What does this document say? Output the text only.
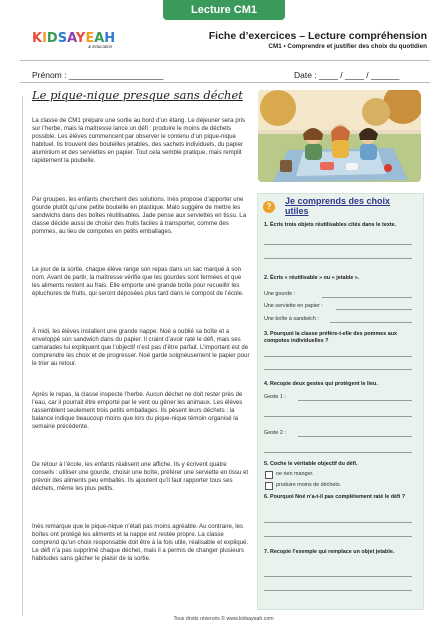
Lecture CM1
KIDSAYEAH
& Education
Fiche d’exercices – Lecture compréhension
CM1 • Comprendre et justifier des choix du quotidien
Prénom : ____________________	Date : ____ / ____ / ______
Le pique-nique presque sans déchet
La classe de CM1 prépare une sortie au bord d’un étang. Le déjeuner sera pris sur l’herbe, mais la maîtresse lance un défi : produire le moins de déchets possible. Les élèves commencent par observer le contenu d’un pique-nique habituel. Ils trouvent des bouteilles jetables, des sachets individuels, du papier aluminium et des serviettes en papier. Tout cela semble pratique, mais remplit rapidement la poubelle.
Par groupes, les enfants cherchent des solutions. Inès propose d’apporter une gourde plutôt qu’une petite bouteille en plastique. Malo suggère de mettre les sandwichs dans des boîtes réutilisables. Jade pense aux serviettes en tissu. La classe décide aussi de choisir des fruits faciles à transporter, comme des pommes, au lieu de compotes en petits emballages.
Le jour de la sortie, chaque élève range son repas dans un sac marqué à son nom. Avant de partir, la maîtresse vérifie que les gourdes sont fermées et que les aliments restent au frais. Elle emporte une grande boîte pour recueillir les épluchures de fruits, qui seront déposées plus tard dans le compost de l’école.
À midi, les élèves installent une grande nappe. Noé a oublié sa boîte et a enveloppé son sandwich dans du papier. Il craint d’avoir raté le défi, mais ses camarades lui expliquent que l’objectif n’est pas d’être parfait. L’important est de comprendre les choix et de progresser. Noé garde soigneusement le papier pour le trier au retour.
Après le repas, la classe inspecte l’herbe. Aucun déchet ne doit rester près de l’eau, car il pourrait être emporté par le vent ou gêner les animaux. Les élèves rassemblent seulement trois petits emballages. Ils pèsent leurs déchets : la balance indique beaucoup moins que lors du pique-nique témoin organisé la semaine précédente.
De retour à l’école, les enfants réalisent une affiche. Ils y écrivent quatre conseils : utiliser une gourde, choisir une boîte, préférer une serviette en tissu et prévoir des aliments peu emballés. Ils ajoutent qu’il faut rapporter tous ses déchets, même les plus petits.
Inès remarque que le pique-nique n’était pas moins agréable. Au contraire, les boîtes ont protégé les aliments et la nappe est restée propre. La classe comprend qu’un choix responsable doit être à la fois utile, réalisable et expliqué. Le défi n’a pas supprimé chaque déchet, mais il a permis de changer plusieurs habitudes sans gâcher le plaisir de la sortie.
?
Je comprends des choix utiles
1. Écris trois objets réutilisables cités dans le texte.
2. Écris « réutilisable » ou « jetable ».
Une gourde :
Une serviette en papier :
Une boîte à sandwich :
3. Pourquoi la classe préfère-t-elle des pommes aux compotes individuelles ?
4. Recopie deux gestes qui protègent le lieu.
Geste 1 :
Geste 2 :
5. Coche le véritable objectif du défi.
ne rien manger.
produire moins de déchets.
6. Pourquoi Noé n’a-t-il pas complètement raté le défi ?
7. Recopie l’exemple qui remplace un objet jetable.
Tous droits réservés © www.kidsayeah.com
